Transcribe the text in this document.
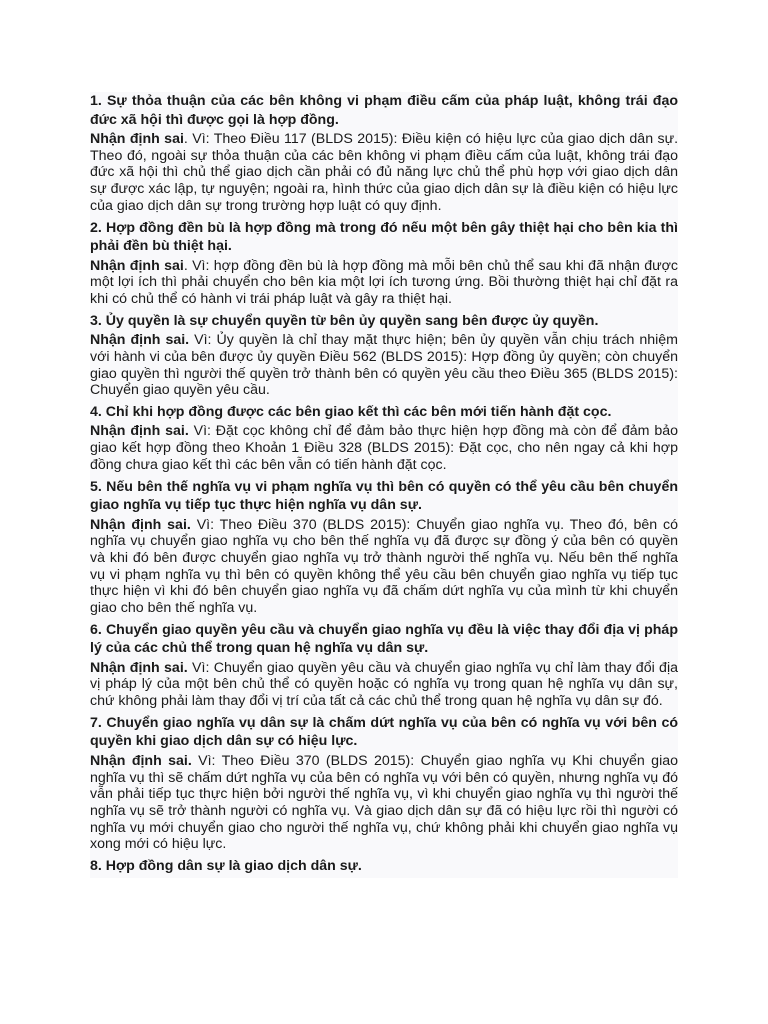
1. Sự thỏa thuận của các bên không vi phạm điều cấm của pháp luật, không trái đạo đức xã hội thì được gọi là hợp đồng.

Nhận định sai. Vì: Theo Điều 117 (BLDS 2015): Điều kiện có hiệu lực của giao dịch dân sự. Theo đó, ngoài sự thỏa thuận của các bên không vi phạm điều cấm của luật, không trái đạo đức xã hội thì chủ thể giao dịch cần phải có đủ năng lực chủ thể phù hợp với giao dịch dân sự được xác lập, tự nguyện; ngoài ra, hình thức của giao dịch dân sự là điều kiện có hiệu lực của giao dịch dân sự trong trường hợp luật có quy định.

2. Hợp đồng đền bù là hợp đồng mà trong đó nếu một bên gây thiệt hại cho bên kia thì phải đền bù thiệt hại.

Nhận định sai. Vì: hợp đồng đền bù là hợp đồng mà mỗi bên chủ thể sau khi đã nhận được một lợi ích thì phải chuyển cho bên kia một lợi ích tương ứng. Bồi thường thiệt hại chỉ đặt ra khi có chủ thể có hành vi trái pháp luật và gây ra thiệt hại.

3. Ủy quyền là sự chuyển quyền từ bên ủy quyền sang bên được ủy quyền.

Nhận định sai. Vì: Ủy quyền là chỉ thay mặt thực hiện; bên ủy quyền vẫn chịu trách nhiệm với hành vi của bên được ủy quyền Điều 562 (BLDS 2015): Hợp đồng ủy quyền; còn chuyển giao quyền thì người thế quyền trở thành bên có quyền yêu cầu theo Điều 365 (BLDS 2015): Chuyển giao quyền yêu cầu.

4. Chỉ khi hợp đồng được các bên giao kết thì các bên mới tiến hành đặt cọc.

Nhận định sai. Vì: Đặt cọc không chỉ để đảm bảo thực hiện hợp đồng mà còn để đảm bảo giao kết hợp đồng theo Khoản 1 Điều 328 (BLDS 2015): Đặt cọc, cho nên ngay cả khi hợp đồng chưa giao kết thì các bên vẫn có tiến hành đặt cọc.

5. Nếu bên thế nghĩa vụ vi phạm nghĩa vụ thì bên có quyền có thể yêu cầu bên chuyển giao nghĩa vụ tiếp tục thực hiện nghĩa vụ dân sự.

Nhận định sai. Vì: Theo Điều 370 (BLDS 2015): Chuyển giao nghĩa vụ. Theo đó, bên có nghĩa vụ chuyển giao nghĩa vụ cho bên thế nghĩa vụ đã được sự đồng ý của bên có quyền và khi đó bên được chuyển giao nghĩa vụ trở thành người thế nghĩa vụ. Nếu bên thế nghĩa vụ vi phạm nghĩa vụ thì bên có quyền không thể yêu cầu bên chuyển giao nghĩa vụ tiếp tục thực hiện vì khi đó bên chuyển giao nghĩa vụ đã chấm dứt nghĩa vụ của mình từ khi chuyển giao cho bên thế nghĩa vụ.

6. Chuyển giao quyền yêu cầu và chuyển giao nghĩa vụ đều là việc thay đổi địa vị pháp lý của các chủ thể trong quan hệ nghĩa vụ dân sự.

Nhận định sai. Vì: Chuyển giao quyền yêu cầu và chuyển giao nghĩa vụ chỉ làm thay đổi địa vị pháp lý của một bên chủ thể có quyền hoặc có nghĩa vụ trong quan hệ nghĩa vụ dân sự, chứ không phải làm thay đổi vị trí của tất cả các chủ thể trong quan hệ nghĩa vụ dân sự đó.

7. Chuyển giao nghĩa vụ dân sự là chấm dứt nghĩa vụ của bên có nghĩa vụ với bên có quyền khi giao dịch dân sự có hiệu lực.

Nhận định sai. Vì: Theo Điều 370 (BLDS 2015): Chuyển giao nghĩa vụ Khi chuyển giao nghĩa vụ thì sẽ chấm dứt nghĩa vụ của bên có nghĩa vụ với bên có quyền, nhưng nghĩa vụ đó vẫn phải tiếp tục thực hiện bởi người thế nghĩa vụ, vì khi chuyển giao nghĩa vụ thì người thế nghĩa vụ sẽ trở thành người có nghĩa vụ. Và giao dịch dân sự đã có hiệu lực rồi thì người có nghĩa vụ mới chuyển giao cho người thế nghĩa vụ, chứ không phải khi chuyển giao nghĩa vụ xong mới có hiệu lực.

8. Hợp đồng dân sự là giao dịch dân sự.
